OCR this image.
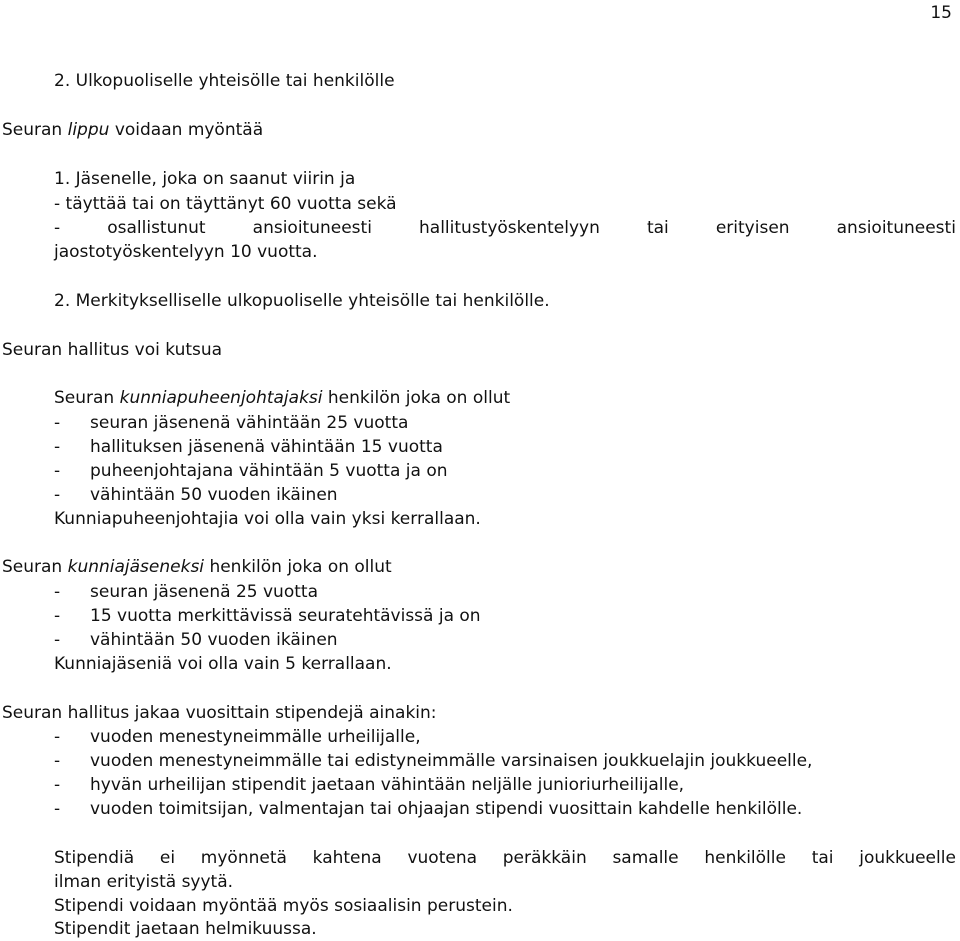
15
2. Ulkopuoliselle yhteisölle tai henkilölle
Seuran lippu voidaan myöntää
1. Jäsenelle, joka on saanut viirin ja
- täyttää tai on täyttänyt 60 vuotta sekä
-	osallistunut	ansioituneesti	hallitustyöskentelyyn	tai	erityisen	ansioituneesti
jaostotyöskentelyyn 10 vuotta.
2. Merkitykselliselle ulkopuoliselle yhteisölle tai henkilölle.
Seuran hallitus voi kutsua
Seuran kunniapuheenjohtajaksi henkilön joka on ollut
- seuran jäsenenä vähintään 25 vuotta
- hallituksen jäsenenä vähintään 15 vuotta
- puheenjohtajana vähintään 5 vuotta ja on
- vähintään 50 vuoden ikäinen
Kunniapuheenjohtajia voi olla vain yksi kerrallaan.
Seuran kunniajäseneksi henkilön joka on ollut
- seuran jäsenenä 25 vuotta
- 15 vuotta merkittävissä seuratehtävissä ja on
- vähintään 50 vuoden ikäinen
Kunniajäseniä voi olla vain 5 kerrallaan.
Seuran hallitus jakaa vuosittain stipendejä ainakin:
- vuoden menestyneimmälle urheilijalle,
- vuoden menestyneimmälle tai edistyneimmälle varsinaisen joukkuelajin joukkueelle,
- hyvän urheilijan stipendit jaetaan vähintään neljälle junioriurheilijalle,
- vuoden toimitsijan, valmentajan tai ohjaajan stipendi vuosittain kahdelle henkilölle.
Stipendiä ei myönnetä kahtena vuotena peräkkäin samalle henkilölle tai joukkueelle
ilman erityistä syytä.
Stipendi voidaan myöntää myös sosiaalisin perustein.
Stipendit jaetaan helmikuussa.
